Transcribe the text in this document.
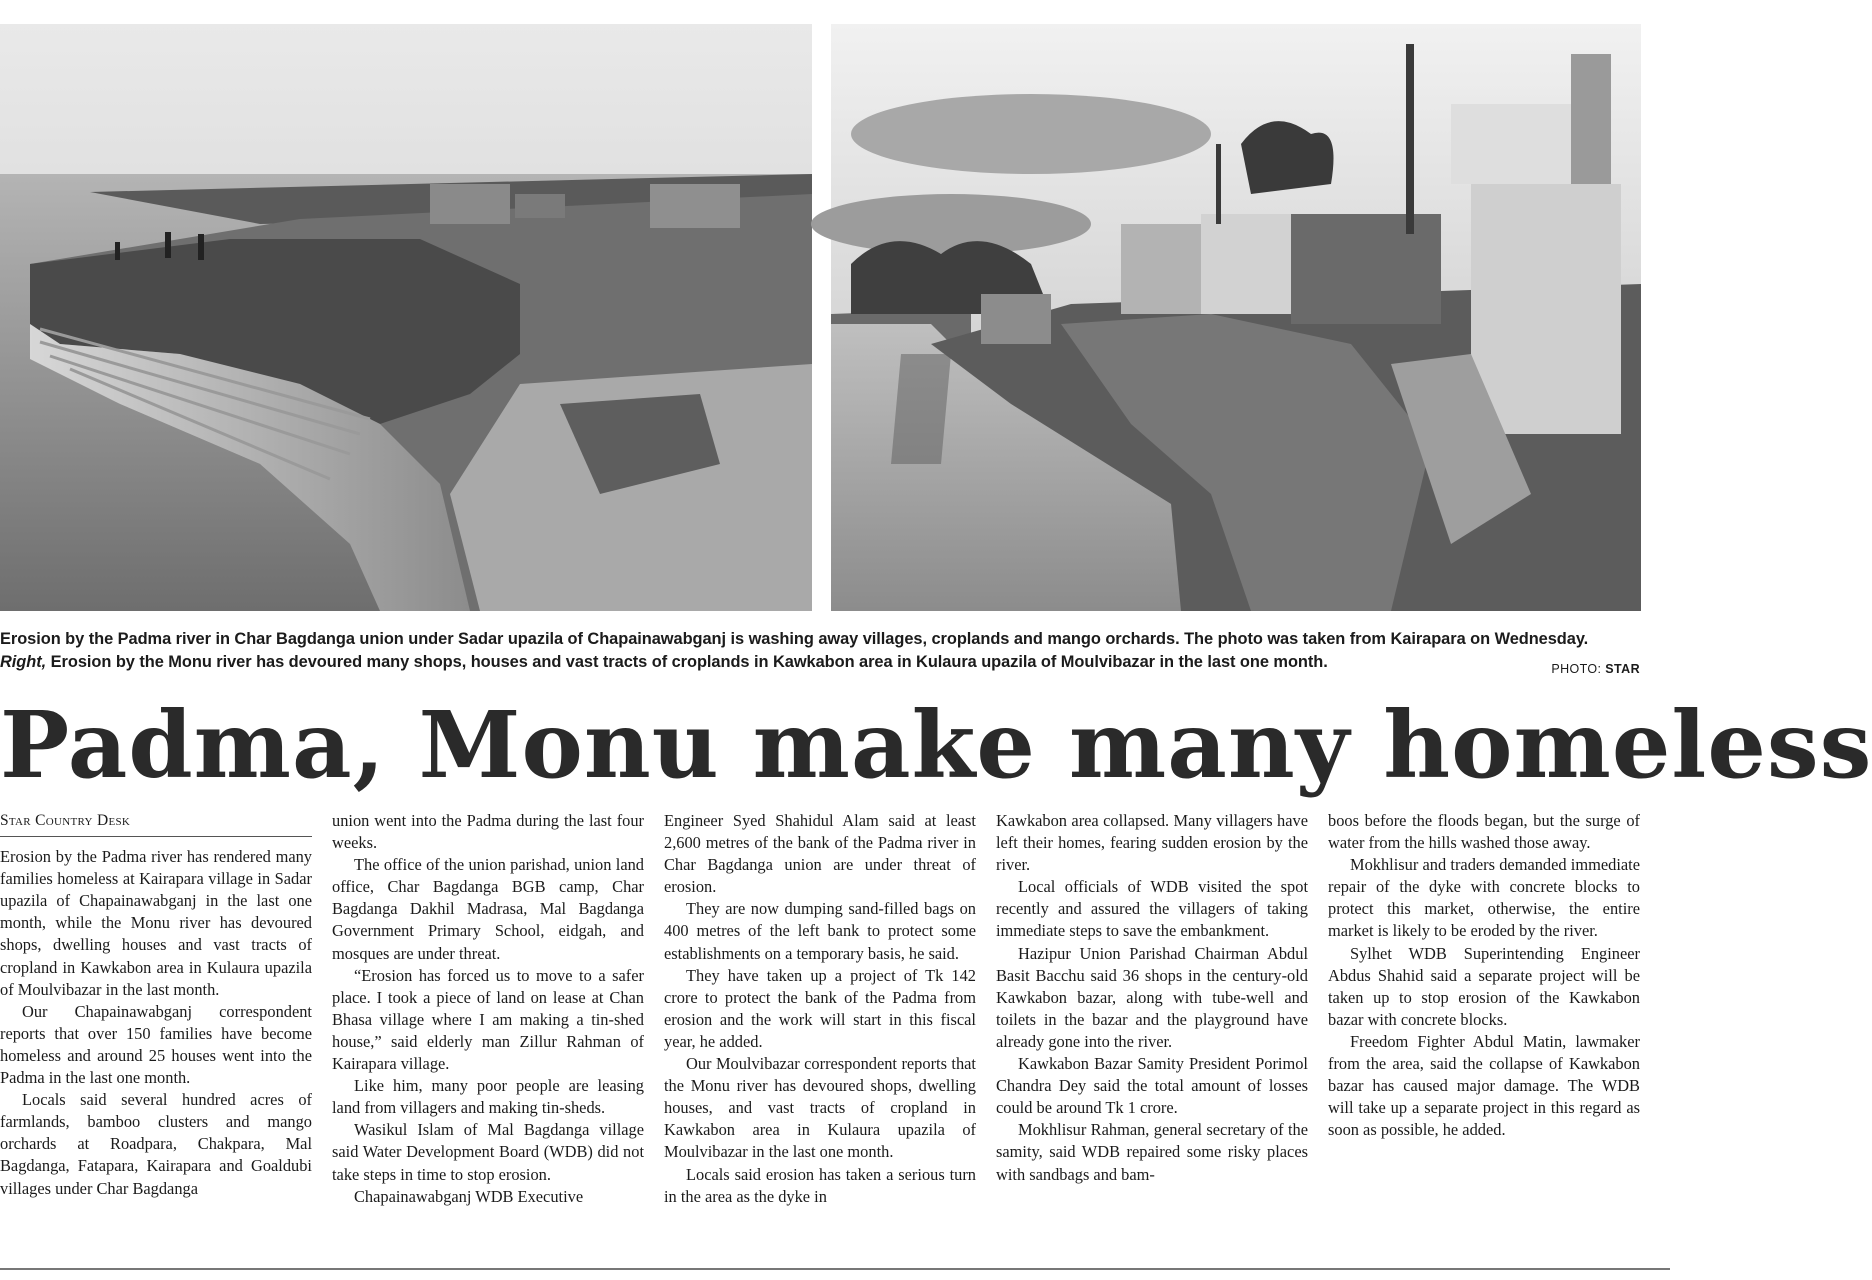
Erosion by the Padma river in Char Bagdanga union under Sadar upazila of Chapainawabganj is washing away villages, croplands and mango orchards. The photo was taken from Kairapara on Wednesday. Right, Erosion by the Monu river has devoured many shops, houses and vast tracts of croplands in Kawkabon area in Kulaura upazila of Moulvibazar in the last one month.	PHOTO: STAR
Padma, Monu make many homeless
Star Country Desk

Erosion by the Padma river has rendered many families homeless at Kairapara village in Sadar upazila of Chapainawabganj in the last one month, while the Monu river has devoured shops, dwelling houses and vast tracts of cropland in Kawkabon area in Kulaura upazila of Moulvibazar in the last month.

Our Chapainawabganj correspondent reports that over 150 families have become homeless and around 25 houses went into the Padma in the last one month.

Locals said several hundred acres of farmlands, bamboo clusters and mango orchards at Roadpara, Chakpara, Mal Bagdanga, Fatapara, Kairapara and Goaldubi villages under Char Bagdanga

union went into the Padma during the last four weeks.

The office of the union parishad, union land office, Char Bagdanga BGB camp, Char Bagdanga Dakhil Madrasa, Mal Bagdanga Government Primary School, eidgah, and mosques are under threat.

“Erosion has forced us to move to a safer place. I took a piece of land on lease at Chan Bhasa village where I am making a tin-shed house,” said elderly man Zillur Rahman of Kairapara village.

Like him, many poor people are leasing land from villagers and making tin-sheds.

Wasikul Islam of Mal Bagdanga village said Water Development Board (WDB) did not take steps in time to stop erosion.

Chapainawabganj WDB Executive

Engineer Syed Shahidul Alam said at least 2,600 metres of the bank of the Padma river in Char Bagdanga union are under threat of erosion.

They are now dumping sand-filled bags on 400 metres of the left bank to protect some establishments on a temporary basis, he said.

They have taken up a project of Tk 142 crore to protect the bank of the Padma from erosion and the work will start in this fiscal year, he added.

Our Moulvibazar correspondent reports that the Monu river has devoured shops, dwelling houses, and vast tracts of cropland in Kawkabon area in Kulaura upazila of Moulvibazar in the last one month.

Locals said erosion has taken a serious turn in the area as the dyke in

Kawkabon area collapsed. Many villagers have left their homes, fearing sudden erosion by the river.

Local officials of WDB visited the spot recently and assured the villagers of taking immediate steps to save the embankment.

Hazipur Union Parishad Chairman Abdul Basit Bacchu said 36 shops in the century-old Kawkabon bazar, along with tube-well and toilets in the bazar and the playground have already gone into the river.

Kawkabon Bazar Samity President Porimol Chandra Dey said the total amount of losses could be around Tk 1 crore.

Mokhlisur Rahman, general secretary of the samity, said WDB repaired some risky places with sandbags and bam-

boos before the floods began, but the surge of water from the hills washed those away.

Mokhlisur and traders demanded immediate repair of the dyke with concrete blocks to protect this market, otherwise, the entire market is likely to be eroded by the river.

Sylhet WDB Superintending Engineer Abdus Shahid said a separate project will be taken up to stop erosion of the Kawkabon bazar with concrete blocks.

Freedom Fighter Abdul Matin, lawmaker from the area, said the collapse of Kawkabon bazar has caused major damage. The WDB will take up a separate project in this regard as soon as possible, he added.
